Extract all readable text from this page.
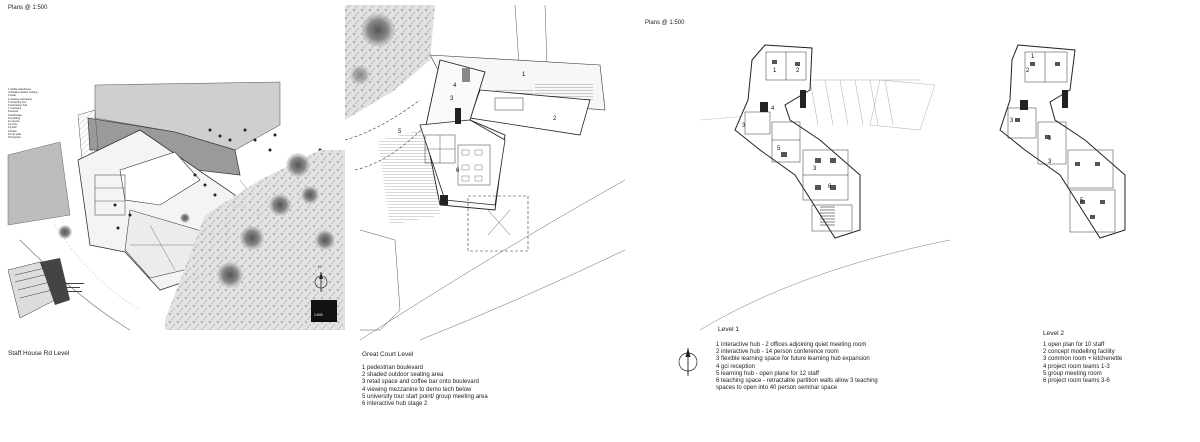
Plans @ 1:500
Plans @ 1:500
1
2
3
4
5
6
1	2
3
4
5
6
3
1
2
3
3
3
5
1 visible warehouse
2 shaded outdoor seating
3 retail
4 viewing mezzanine
5 university tour
6 interactive hub
7 courtyard
8 access
9 landscape
10 parking
11 service
12 entry
13 path
14 lawn
15 car park
16 bicycles
1:500
N
Staff House Rd Level	Great Court Level
1 pedestrian boulevard
2 shaded outdoor seating area
3 retail space and coffee bar onto boulevard
4 viewing mezzanine to demo tech below
5 university tour start point/ group meeting area
6 interactive hub stage 2
Level 1
1 interactive hub - 2 offices adjoining quiet meeting room
2 interactive hub - 14 person conference room
3 flexible learning space for future learning hub expansion
4 gci reception
5 learning hub - open plane for 12 staff
6 teaching space - retractable partition walls allow 3 teaching
spaces to open into 40 person seminar space
Level 2
1 open plan for 10 staff
2 concept modelling facility
3 common room + kitchenette
4 project room teams 1-3
5 group meeting room
6 project room teams 3-6
